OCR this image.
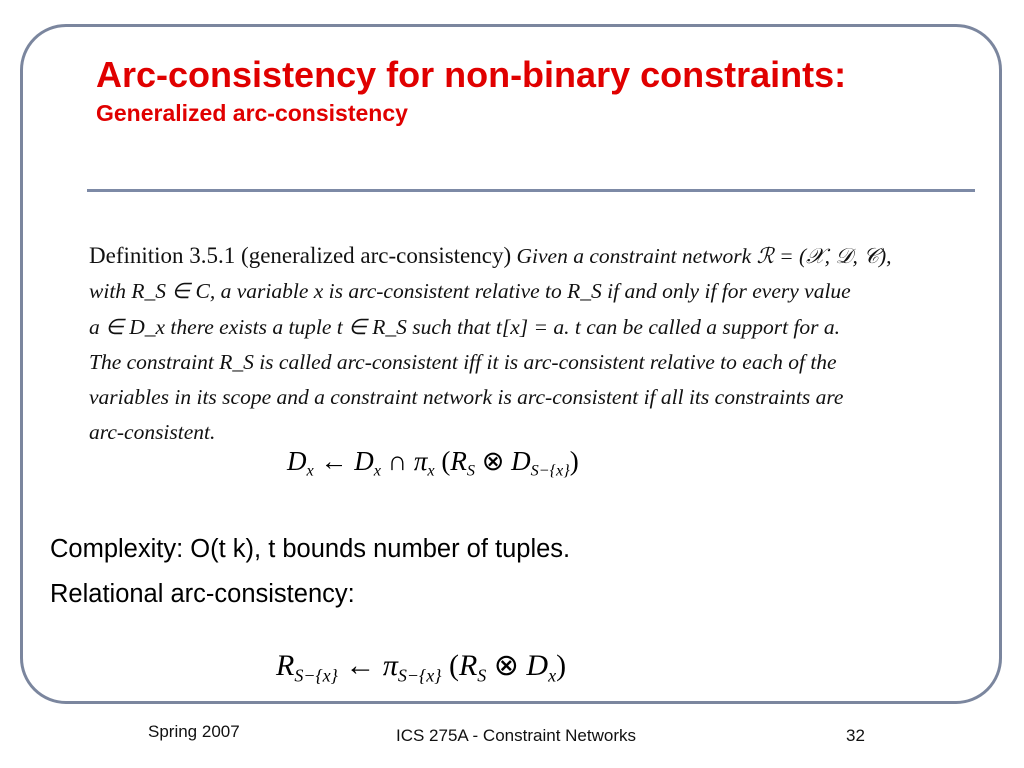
Arc-consistency for non-binary constraints:
Generalized arc-consistency
Definition 3.5.1 (generalized arc-consistency) Given a constraint network ℛ = (𝒳, 𝒟, 𝒞),
with R_S ∈ C, a variable x is arc-consistent relative to R_S if and only if for every value
a ∈ D_x there exists a tuple t ∈ R_S such that t[x] = a. t can be called a support for a.
The constraint R_S is called arc-consistent iff it is arc-consistent relative to each of the
variables in its scope and a constraint network is arc-consistent if all its constraints are
arc-consistent.
$D_x$ ← $D_x$ ∩ $\pi_x$ ($R_S$ ⊗ $D_{S-\{x\}}$)
Complexity: O(t k), t bounds number of tuples.
Relational arc-consistency:
$R_{S-\{x\}}$ ← $\pi_{S-\{x\}}$ ($R_S$ ⊗ $D_x$)
Spring 2007	ICS 275A - Constraint Networks	32
